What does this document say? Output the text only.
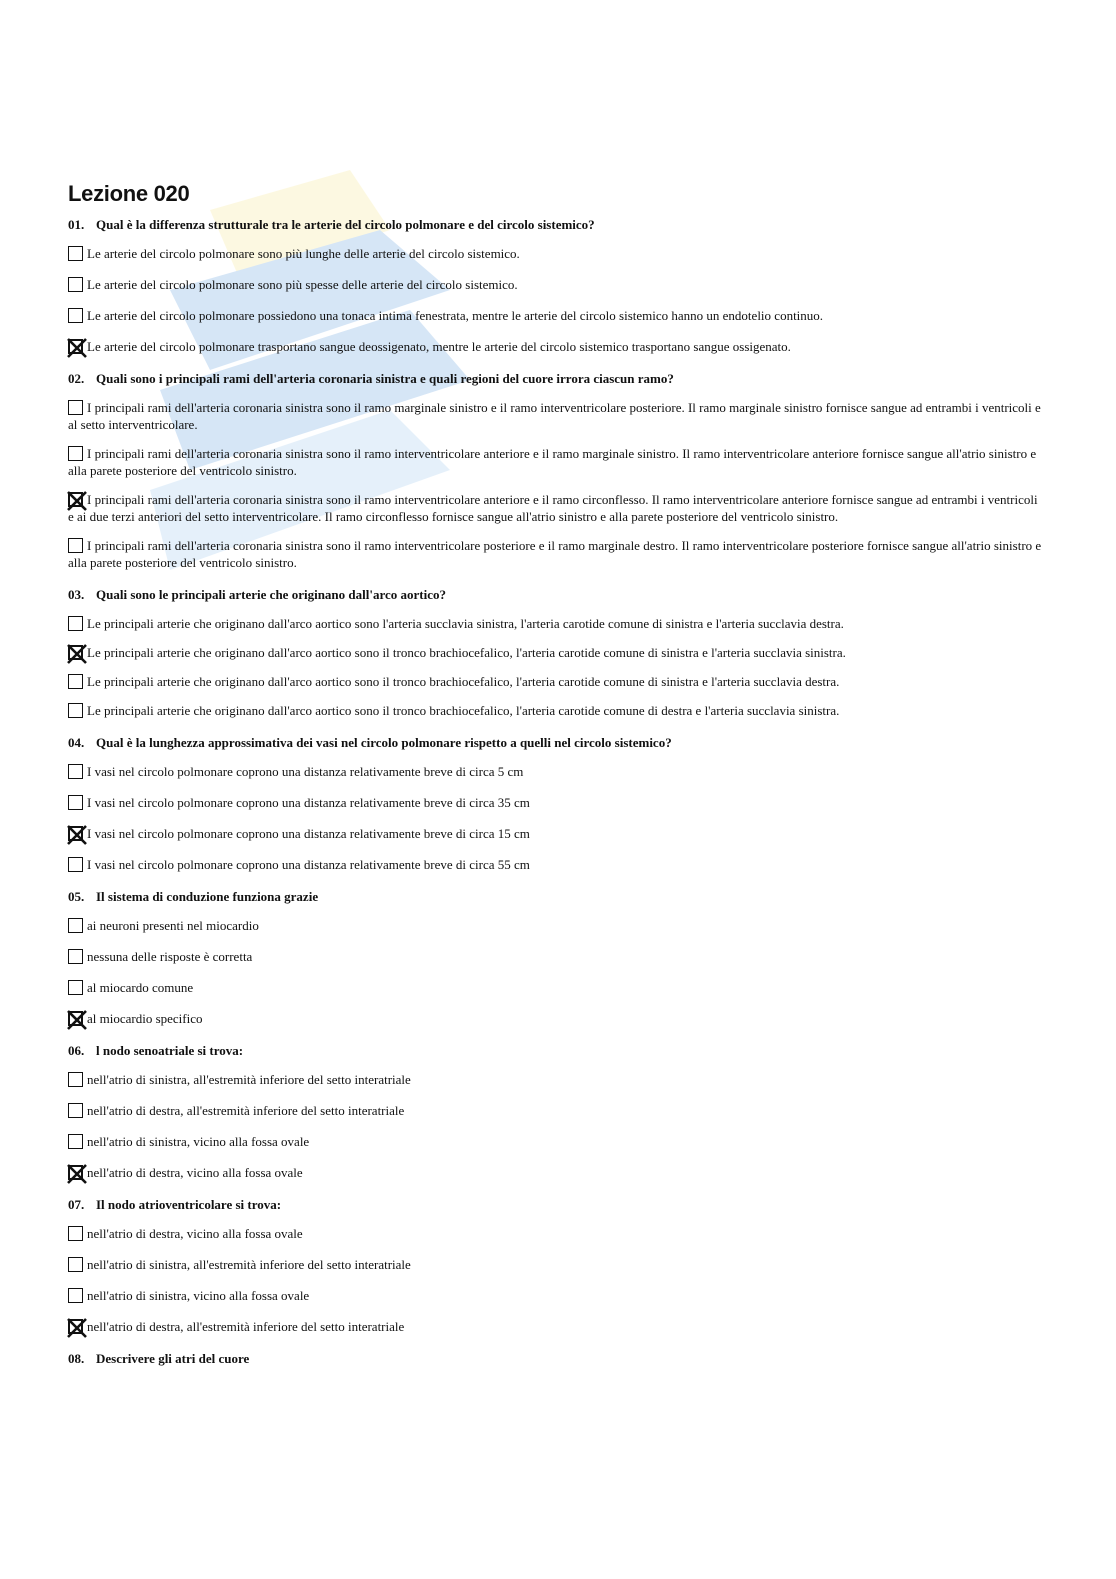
Lezione 020
01. Qual è la differenza strutturale tra le arterie del circolo polmonare e del circolo sistemico?
Le arterie del circolo polmonare sono più lunghe delle arterie del circolo sistemico.
Le arterie del circolo polmonare sono più spesse delle arterie del circolo sistemico.
Le arterie del circolo polmonare possiedono una tonaca intima fenestrata, mentre le arterie del circolo sistemico hanno un endotelio continuo.
Le arterie del circolo polmonare trasportano sangue deossigenato, mentre le arterie del circolo sistemico trasportano sangue ossigenato.
02. Quali sono i principali rami dell'arteria coronaria sinistra e quali regioni del cuore irrora ciascun ramo?
I principali rami dell'arteria coronaria sinistra sono il ramo marginale sinistro e il ramo interventricolare posteriore. Il ramo marginale sinistro fornisce sangue ad entrambi i ventricoli e al setto interventricolare.
I principali rami dell'arteria coronaria sinistra sono il ramo interventricolare anteriore e il ramo marginale sinistro. Il ramo interventricolare anteriore fornisce sangue all'atrio sinistro e alla parete posteriore del ventricolo sinistro.
I principali rami dell'arteria coronaria sinistra sono il ramo interventricolare anteriore e il ramo circonflesso. Il ramo interventricolare anteriore fornisce sangue ad entrambi i ventricoli e ai due terzi anteriori del setto interventricolare. Il ramo circonflesso fornisce sangue all'atrio sinistro e alla parete posteriore del ventricolo sinistro.
I principali rami dell'arteria coronaria sinistra sono il ramo interventricolare posteriore e il ramo marginale destro. Il ramo interventricolare posteriore fornisce sangue all'atrio sinistro e alla parete posteriore del ventricolo sinistro.
03. Quali sono le principali arterie che originano dall'arco aortico?
Le principali arterie che originano dall'arco aortico sono l'arteria succlavia sinistra, l'arteria carotide comune di sinistra e l'arteria succlavia destra.
Le principali arterie che originano dall'arco aortico sono il tronco brachiocefalico, l'arteria carotide comune di sinistra e l'arteria succlavia sinistra.
Le principali arterie che originano dall'arco aortico sono il tronco brachiocefalico, l'arteria carotide comune di sinistra e l'arteria succlavia destra.
Le principali arterie che originano dall'arco aortico sono il tronco brachiocefalico, l'arteria carotide comune di destra e l'arteria succlavia sinistra.
04. Qual è la lunghezza approssimativa dei vasi nel circolo polmonare rispetto a quelli nel circolo sistemico?
I vasi nel circolo polmonare coprono una distanza relativamente breve di circa 5 cm
I vasi nel circolo polmonare coprono una distanza relativamente breve di circa 35 cm
I vasi nel circolo polmonare coprono una distanza relativamente breve di circa 15 cm
I vasi nel circolo polmonare coprono una distanza relativamente breve di circa 55 cm
05. Il sistema di conduzione funziona grazie
ai neuroni presenti nel miocardio
nessuna delle risposte è corretta
al miocardo comune
al miocardio specifico
06. l nodo senoatriale si trova:
nell'atrio di sinistra, all'estremità inferiore del setto interatriale
nell'atrio di destra, all'estremità inferiore del setto interatriale
nell'atrio di sinistra, vicino alla fossa ovale
nell'atrio di destra, vicino alla fossa ovale
07. Il nodo atrioventricolare si trova:
nell'atrio di destra, vicino alla fossa ovale
nell'atrio di sinistra, all'estremità inferiore del setto interatriale
nell'atrio di sinistra, vicino alla fossa ovale
nell'atrio di destra, all'estremità inferiore del setto interatriale
08. Descrivere gli atri del cuore
